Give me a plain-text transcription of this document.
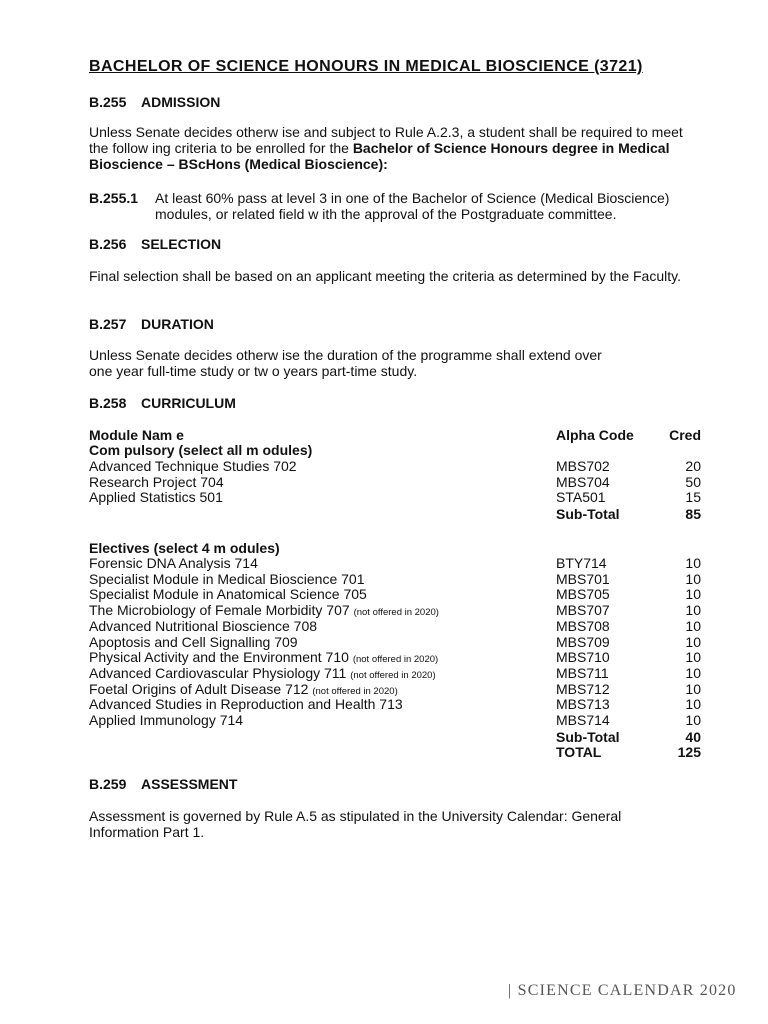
BACHELOR OF SCIENCE HONOURS IN MEDICAL BIOSCIENCE (3721)
B.255 ADMISSION
Unless Senate decides otherw ise and subject to Rule A.2.3, a student shall be required to meet the follow ing criteria to be enrolled for the Bachelor of Science Honours degree in Medical Bioscience – BScHons (Medical Bioscience):
B.255.1 At least 60% pass at level 3 in one of the Bachelor of Science (Medical Bioscience) modules, or related field w ith the approval of the Postgraduate committee.
B.256 SELECTION
Final selection shall be based on an applicant meeting the criteria as determined by the Faculty.
B.257 DURATION
Unless Senate decides otherw ise the duration of the programme shall extend over one year full-time study or tw o years part-time study.
B.258 CURRICULUM
Module Nam e	Alpha Code	Cred
Com pulsory (select all m odules)
Advanced Technique Studies 702	MBS702	20
Research Project 704	MBS704	50
Applied Statistics 501	STA501	15
Sub-Total	85
Electives (select 4 m odules)
Forensic DNA Analysis 714	BTY714	10
Specialist Module in Medical Bioscience 701	MBS701	10
Specialist Module in Anatomical Science 705	MBS705	10
The Microbiology of Female Morbidity 707 (not offered in 2020)	MBS707	10
Advanced Nutritional Bioscience 708	MBS708	10
Apoptosis and Cell Signalling 709	MBS709	10
Physical Activity and the Environment 710 (not offered in 2020)	MBS710	10
Advanced Cardiovascular Physiology 711 (not offered in 2020)	MBS711	10
Foetal Origins of Adult Disease 712 (not offered in 2020)	MBS712	10
Advanced Studies in Reproduction and Health 713	MBS713	10
Applied Immunology 714	MBS714	10
Sub-Total	40
TOTAL	125
B.259 ASSESSMENT
Assessment is governed by Rule A.5 as stipulated in the University Calendar: General Information Part 1.
| SCIENCE CALENDAR 2020
